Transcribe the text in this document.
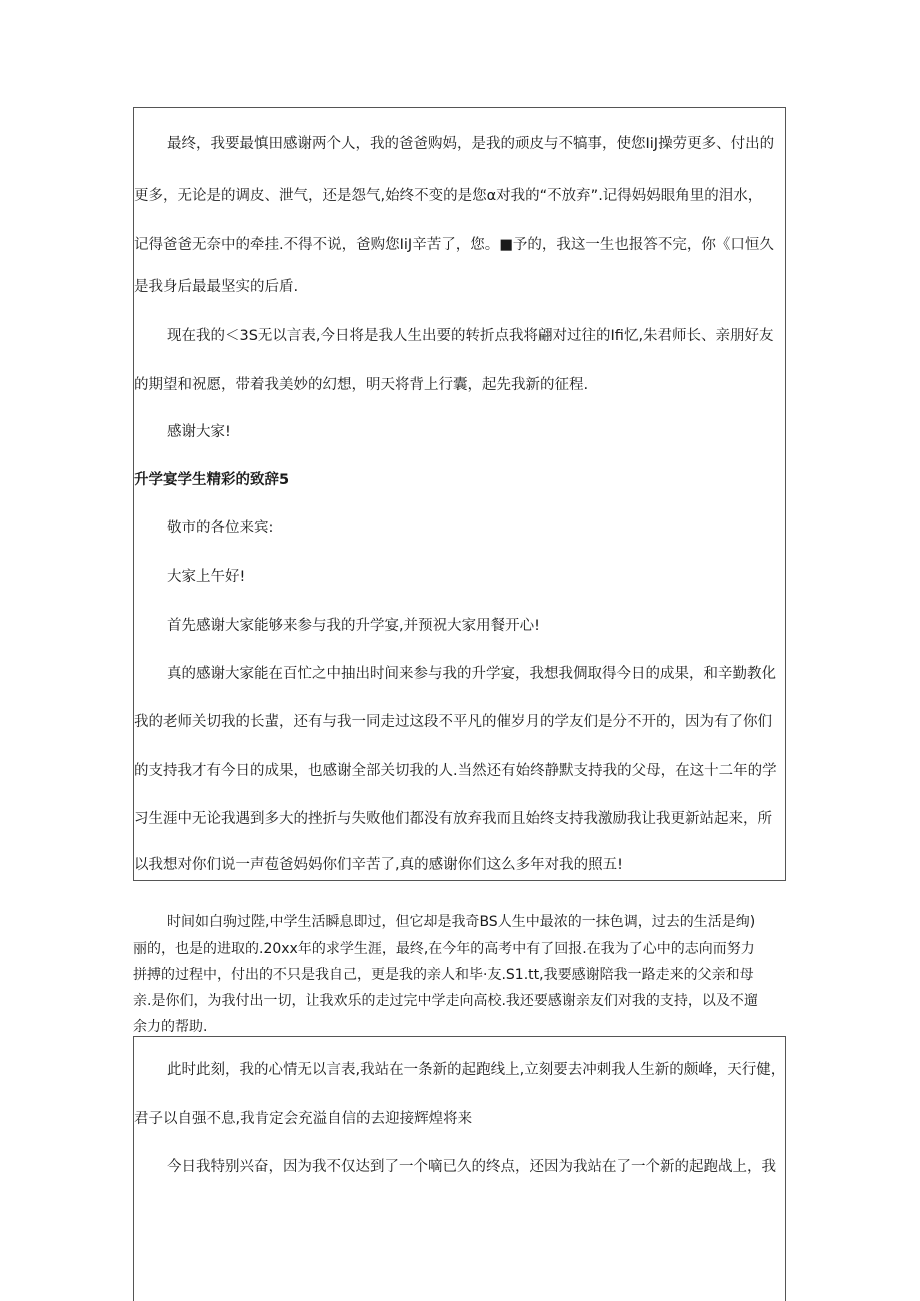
最终，我要最慎田感谢两个人，我的爸爸购妈，是我的顽皮与不犒事，使您IiJ操劳更多、付出的
更多，无论是的调皮、泄气，还是怨气,始终不变的是您α对我的“不放弃”.记得妈妈眼角里的泪水，
记得爸爸无奈中的牵挂.不得不说，爸购您IiJ辛苦了，您。■予的，我这一生也报答不完，你《口恒久
是我身后最最坚实的后盾.
现在我的＜3S无以言表,今日将是我人生出要的转折点我将翩对过往的Ifi忆,朱君师长、亲朋好友
的期望和祝愿，带着我美妙的幻想，明天将背上行囊，起先我新的征程.
感谢大家!
升学宴学生精彩的致辞5
敬市的各位来宾:
大家上午好!
首先感谢大家能够来参与我的升学宴,并预祝大家用餐开心!
真的感谢大家能在百忙之中抽出时间来参与我的升学宴，我想我倜取得今日的成果，和辛勤教化
我的老师关切我的长蜚，还有与我一同走过这段不平凡的催岁月的学友们是分不开的，因为有了你们
的支持我才有今日的成果，也感谢全部关切我的人.当然还有始终静默支持我的父母，在这十二年的学
习生涯中无论我遇到多大的挫折与失败他们都没有放弃我而且始终支持我激励我让我更新站起来，所
以我想对你们说一声苞爸妈妈你们辛苦了,真的感谢你们这么多年对我的照五!
时间如白驹过陛,中学生活瞬息即过，但它却是我奇BS人生中最浓的一抹色调，过去的生活是绚)
丽的，也是的进取的.20xx年的求学生涯，最终,在今年的高考中有了回报.在我为了心中的志向而努力
拼搏的过程中，付出的不只是我自己，更是我的亲人和毕·友.S1.tt,我要感谢陪我一路走来的父亲和母
亲.是你们，为我付出一切，让我欢乐的走过完中学走向高校.我还要感谢亲友们对我的支持，以及不遛
余力的帮助.
此时此刻，我的心情无以言表,我站在一条新的起跑线上,立刻要去冲刺我人生新的颇峰，天行健，
君子以自强不息,我肯定会充溢自信的去迎接辉煌将来
今日我特别兴奋，因为我不仅达到了一个嘀已久的终点，还因为我站在了一个新的起跑战上，我
